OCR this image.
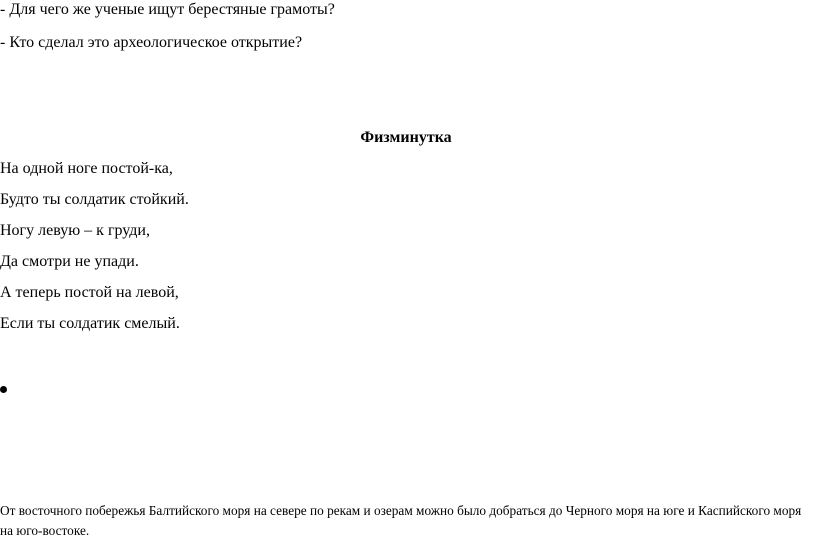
- Для чего же ученые ищут берестяные грамоты?
- Кто сделал это археологическое открытие?
Физминутка
На одной ноге постой-ка,
Будто ты солдатик стойкий.
Ногу левую – к груди,
Да смотри не упади.
А теперь постой на левой,
Если ты солдатик смелый.
От восточного побережья Балтийского моря на севере по рекам и озерам можно было добраться до Черного моря на юге и Каспийского моря на юго-востоке.
